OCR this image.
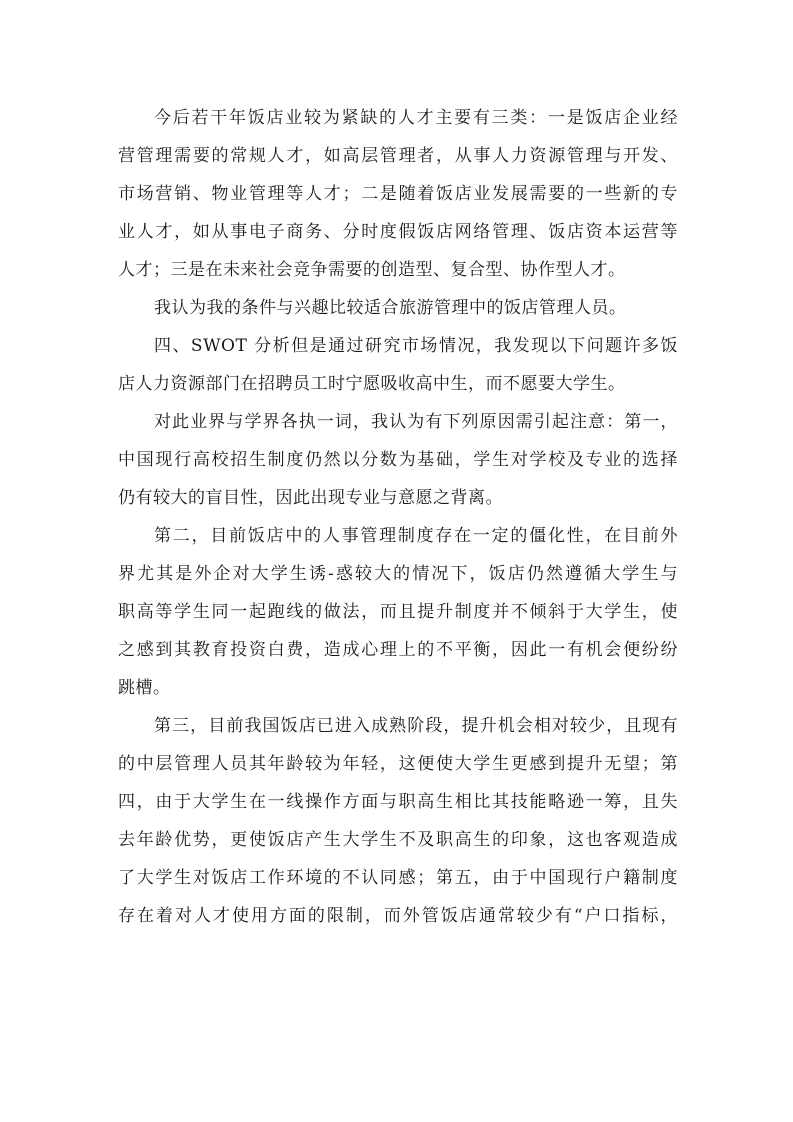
今后若干年饭店业较为紧缺的人才主要有三类：一是饭店企业经
营管理需要的常规人才，如高层管理者，从事人力资源管理与开发、
市场营销、物业管理等人才；二是随着饭店业发展需要的一些新的专
业人才，如从事电子商务、分时度假饭店网络管理、饭店资本运营等
人才；三是在未来社会竞争需要的创造型、复合型、协作型人才。
我认为我的条件与兴趣比较适合旅游管理中的饭店管理人员。
四、SWOT 分析但是通过研究市场情况，我发现以下问题许多饭
店人力资源部门在招聘员工时宁愿吸收高中生，而不愿要大学生。
对此业界与学界各执一词，我认为有下列原因需引起注意：第一，
中国现行高校招生制度仍然以分数为基础，学生对学校及专业的选择
仍有较大的盲目性，因此出现专业与意愿之背离。
第二，目前饭店中的人事管理制度存在一定的僵化性，在目前外
界尤其是外企对大学生诱-惑较大的情况下，饭店仍然遵循大学生与
职高等学生同一起跑线的做法，而且提升制度并不倾斜于大学生，使
之感到其教育投资白费，造成心理上的不平衡，因此一有机会便纷纷
跳槽。
第三，目前我国饭店已进入成熟阶段，提升机会相对较少，且现有
的中层管理人员其年龄较为年轻，这便使大学生更感到提升无望；第
四，由于大学生在一线操作方面与职高生相比其技能略逊一筹，且失
去年龄优势，更使饭店产生大学生不及职高生的印象，这也客观造成
了大学生对饭店工作环境的不认同感；第五，由于中国现行户籍制度
存在着对人才使用方面的限制，而外管饭店通常较少有“户口指标，
